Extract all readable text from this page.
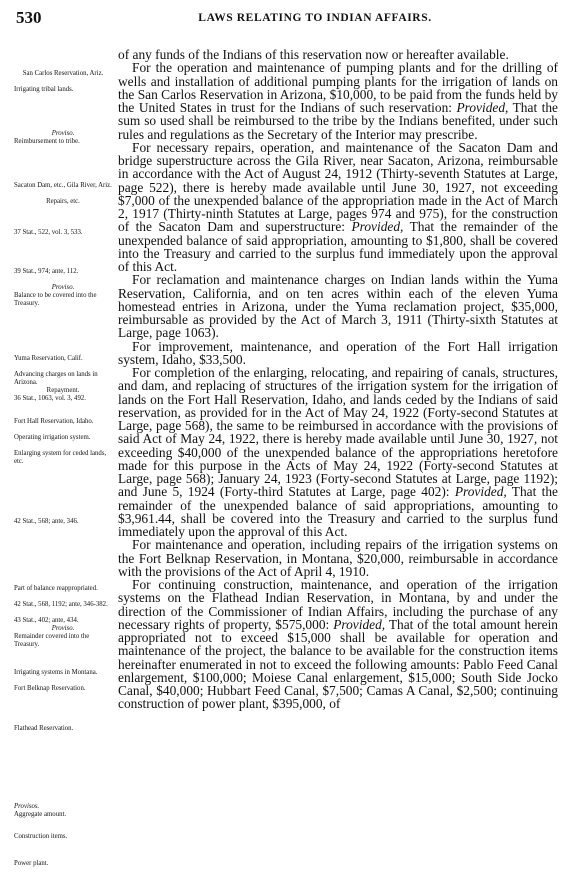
530	LAWS RELATING TO INDIAN AFFAIRS.
San Carlos Reservation, Ariz.
Irrigating tribal lands.
Proviso.
Reimbursement to tribe.
Sacaton Dam, etc., Gila River, Ariz.
Repairs, etc.
37 Stat., 522, vol. 3, 533.
39 Stat., 974; ante, 112.
Proviso.
Balance to be covered into the Treasury.
Yuma Reservation, Calif.
Advancing charges on lands in Arizona.
Repayment.
36 Stat., 1063, vol. 3, 492.
Fort Hall Reservation, Idaho.
Operating irrigation system.
Enlarging system for ceded lands, etc.
42 Stat., 568; ante, 346.
Part of balance reappropriated.
42 Stat., 568, 1192; ante, 346-382.
43 Stat., 402; ante, 434.
Proviso.
Remainder covered into the Treasury.
Irrigating systems in Montana.
Fort Belknap Reservation.
Flathead Reservation.
Provisos.
Aggregate amount.
Construction items.
Power plant.

of any funds of the Indians of this reservation now or hereafter available.

For the operation and maintenance of pumping plants and for the drilling of wells and installation of additional pumping plants for the irrigation of lands on the San Carlos Reservation in Arizona, $10,000, to be paid from the funds held by the United States in trust for the Indians of such reservation: Provided, That the sum so used shall be reimbursed to the tribe by the Indians benefited, under such rules and regulations as the Secretary of the Interior may prescribe.

For necessary repairs, operation, and maintenance of the Sacaton Dam and bridge superstructure across the Gila River, near Sacaton, Arizona, reimbursable in accordance with the Act of August 24, 1912 (Thirty-seventh Statutes at Large, page 522), there is hereby made available until June 30, 1927, not exceeding $7,000 of the unexpended balance of the appropriation made in the Act of March 2, 1917 (Thirty-ninth Statutes at Large, pages 974 and 975), for the construction of the Sacaton Dam and superstructure: Provided, That the remainder of the unexpended balance of said appropriation, amounting to $1,800, shall be covered into the Treasury and carried to the surplus fund immediately upon the approval of this Act.

For reclamation and maintenance charges on Indian lands within the Yuma Reservation, California, and on ten acres within each of the eleven Yuma homestead entries in Arizona, under the Yuma reclamation project, $35,000, reimbursable as provided by the Act of March 3, 1911 (Thirty-sixth Statutes at Large, page 1063).

For improvement, maintenance, and operation of the Fort Hall irrigation system, Idaho, $33,500.

For completion of the enlarging, relocating, and repairing of canals, structures, and dam, and replacing of structures of the irrigation system for the irrigation of lands on the Fort Hall Reservation, Idaho, and lands ceded by the Indians of said reservation, as provided for in the Act of May 24, 1922 (Forty-second Statutes at Large, page 568), the same to be reimbursed in accordance with the provisions of said Act of May 24, 1922, there is hereby made available until June 30, 1927, not exceeding $40,000 of the unexpended balance of the appropriations heretofore made for this purpose in the Acts of May 24, 1922 (Forty-second Statutes at Large, page 568); January 24, 1923 (Forty-second Statutes at Large, page 1192); and June 5, 1924 (Forty-third Statutes at Large, page 402): Provided, That the remainder of the unexpended balance of said appropriations, amounting to $3,961.44, shall be covered into the Treasury and carried to the surplus fund immediately upon the approval of this Act.

For maintenance and operation, including repairs of the irrigation systems on the Fort Belknap Reservation, in Montana, $20,000, reimbursable in accordance with the provisions of the Act of April 4, 1910.

For continuing construction, maintenance, and operation of the irrigation systems on the Flathead Indian Reservation, in Montana, by and under the direction of the Commissioner of Indian Affairs, including the purchase of any necessary rights of property, $575,000: Provided, That of the total amount herein appropriated not to exceed $15,000 shall be available for operation and maintenance of the project, the balance to be available for the construction items hereinafter enumerated in not to exceed the following amounts: Pablo Feed Canal enlargement, $100,000; Moiese Canal enlargement, $15,000; South Side Jocko Canal, $40,000; Hubbart Feed Canal, $7,500; Camas A Canal, $2,500; continuing construction of power plant, $395,000, of
